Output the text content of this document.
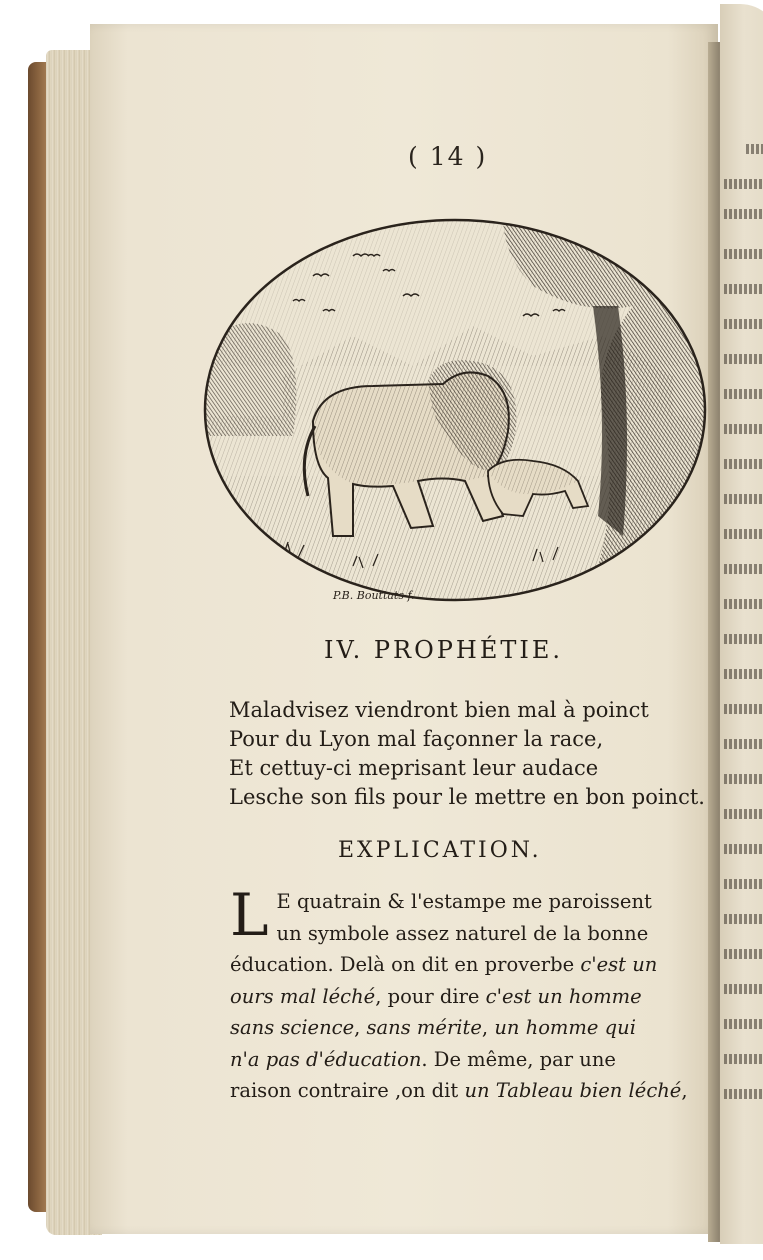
( 14 )
P.B. Bouttats f.
IV. PROPHÉTIE.
Maladvisez viendront bien mal à poinct
Pour du Lyon mal façonner la race,
Et cettuy-ci meprisant leur audace
Lesche son fils pour le mettre en bon poinct.
EXPLICATION.
L E quatrain & l'estampe me paroissent
un symbole assez naturel de la bonne
éducation. Delà on dit en proverbe c'est un
ours mal léché, pour dire c'est un homme
sans science, sans mérite, un homme qui
n'a pas d'éducation. De même, par une
raison contraire ,on dit un Tableau bien léché,
